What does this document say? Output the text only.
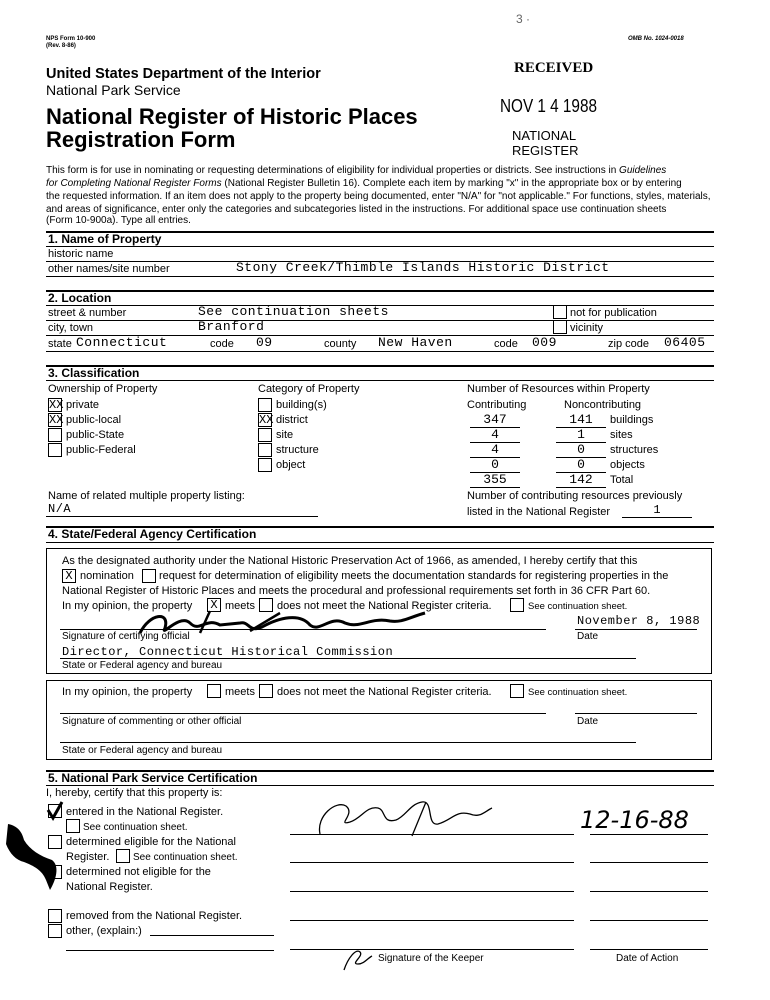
NPS Form 10-900
(Rev. 8-86)
OMB No. 1024-0018
3 ·
United States Department of the Interior
National Park Service
National Register of Historic Places
Registration Form
RECEIVED
NOV 1 4 1988
NATIONAL
REGISTER
This form is for use in nominating or requesting determinations of eligibility for individual properties or districts. See instructions in Guidelines
for Completing National Register Forms (National Register Bulletin 16). Complete each item by marking "x" in the appropriate box or by entering
the requested information. If an item does not apply to the property being documented, enter "N/A" for "not applicable." For functions, styles, materials,
and areas of significance, enter only the categories and subcategories listed in the instructions. For additional space use continuation sheets
(Form 10-900a). Type all entries.
1. Name of Property
historic name
other names/site number	Stony Creek/Thimble Islands Historic District
2. Location
street & number	See continuation sheets	not for publication
city, town	Branford	vicinity
state Connecticut	code 09	county New Haven	code 009	zip code 06405
3. Classification
Ownership of Property
XX private
XX public-local
public-State
public-Federal
Category of Property
building(s)
XX district
site
structure
object
Number of Resources within Property
Contributing	Noncontributing
347	141	buildings
4	1	sites
4	0	structures
0	0	objects
355	142	Total
Name of related multiple property listing:
N/A
Number of contributing resources previously
listed in the National Register	1
4. State/Federal Agency Certification
As the designated authority under the National Historic Preservation Act of 1966, as amended, I hereby certify that this
X nomination request for determination of eligibility meets the documentation standards for registering properties in the
National Register of Historic Places and meets the procedural and professional requirements set forth in 36 CFR Part 60.
In my opinion, the property X meets does not meet the National Register criteria.	See continuation sheet.
November 8, 1988
Signature of certifying official	Date
Director, Connecticut Historical Commission
State or Federal agency and bureau
In my opinion, the property	meets does not meet the National Register criteria.	See continuation sheet.
Signature of commenting or other official	Date
State or Federal agency and bureau
5. National Park Service Certification
I, hereby, certify that this property is:
entered in the National Register.
See continuation sheet.
determined eligible for the National
Register. See continuation sheet.
determined not eligible for the
National Register.
removed from the National Register.
other, (explain:)
12-16-88
Signature of the Keeper	Date of Action
